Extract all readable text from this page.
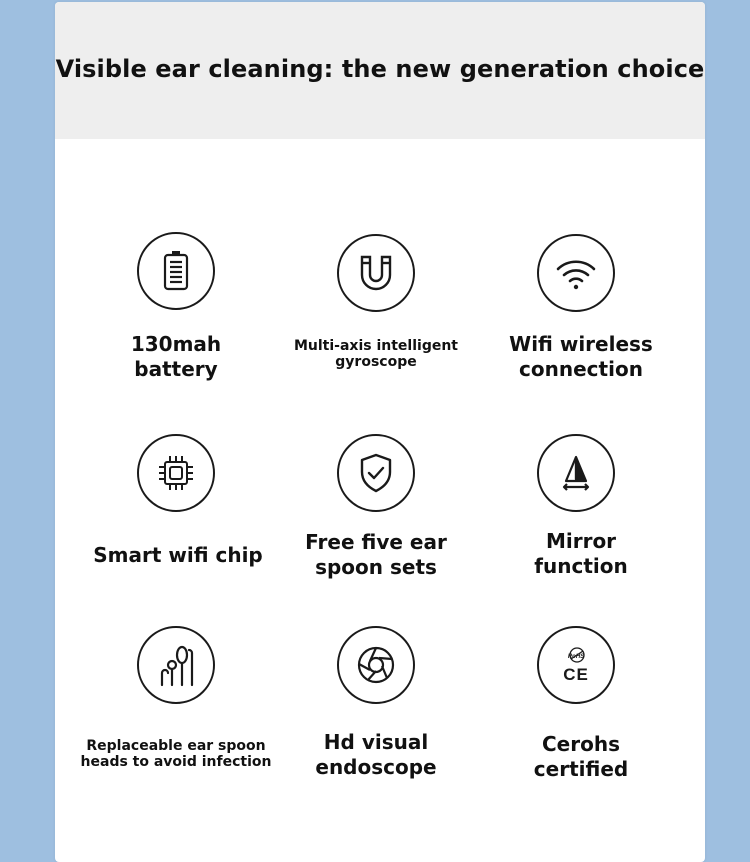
Visible ear cleaning: the new generation choice
130mah
battery
Multi-axis intelligent
gyroscope
Wifi wireless
connection
Smart wifi chip
Free five ear
spoon sets
Mirror
function
Replaceable ear spoon
heads to avoid infection
Hd visual
endoscope
RoHS
CE
Cerohs
certified
